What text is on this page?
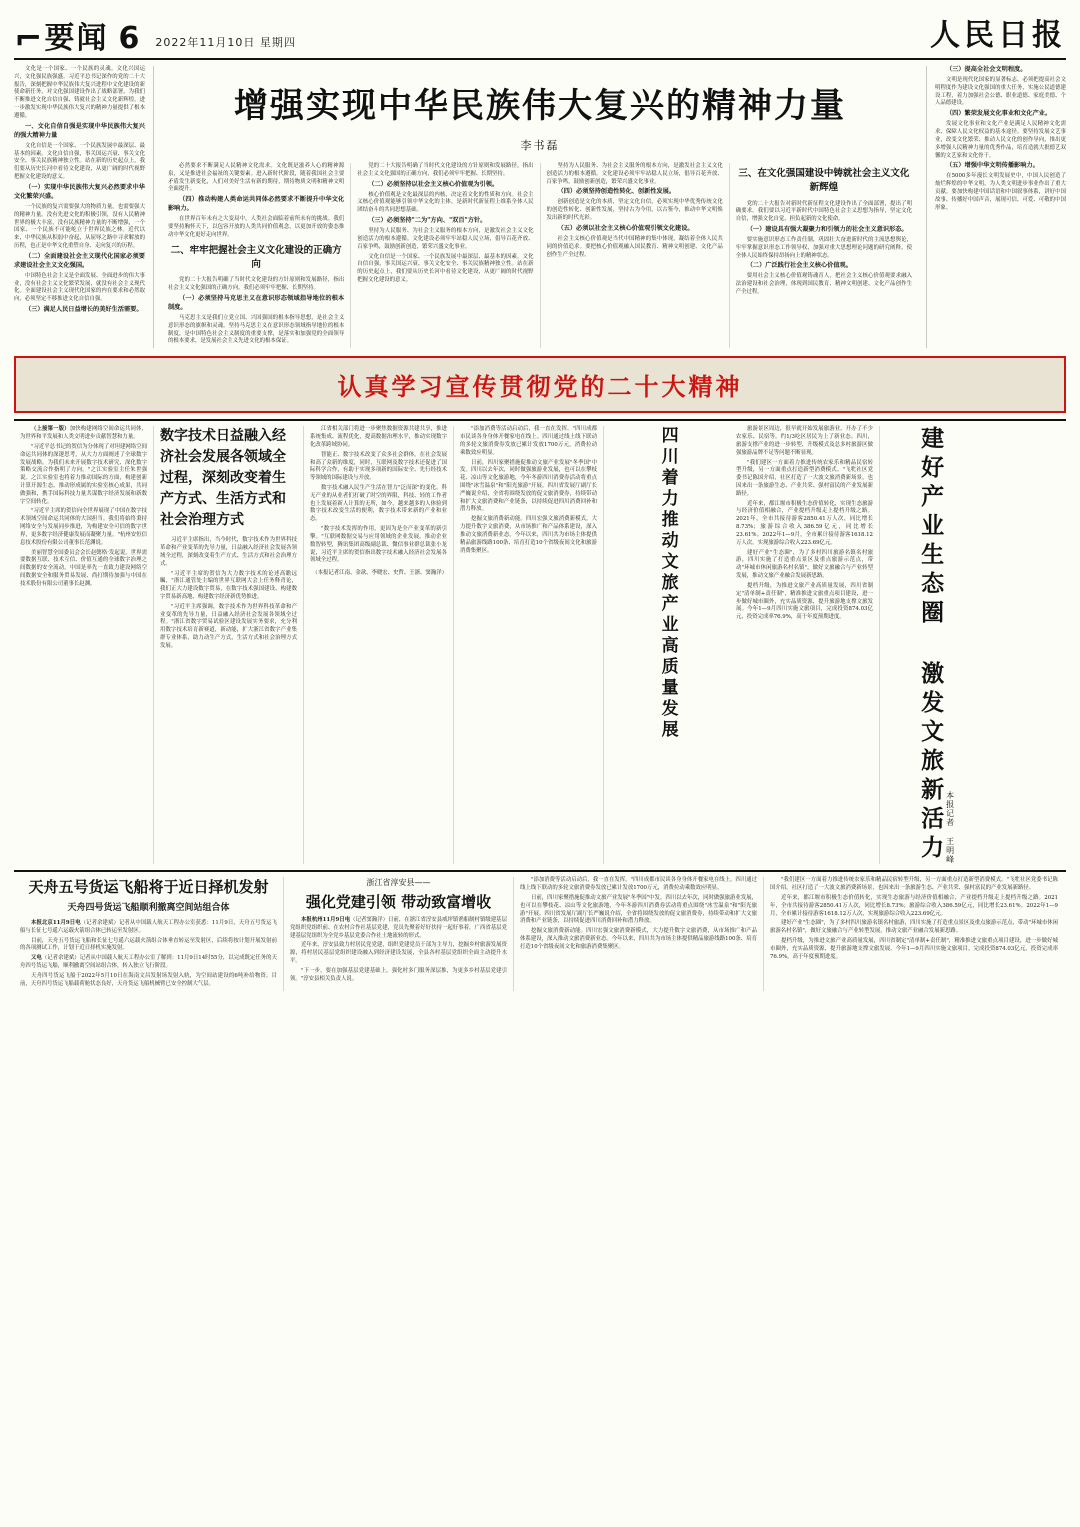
⌐ 要闻 6 2022年11月10日 星期四	人民日报

文化是一个国家、一个民族的灵魂。文化兴国运兴，文化强民族强盛。习近平总书记深作的党的二十大报告，深刻把握中华民族伟大复兴进程中文化建设的新使命新任务，对文化强国建设作出了战略部署，为我们不断推进文化自信自强、铸就社会主义文化新辉煌，进一步激发实现中华民族伟大复兴的精神力量提供了根本遵循。

一、文化自信自强是实现中华民族伟大复兴的强大精神力量

文化自信是一个国家、一个民族发展中最深层、最基本的因素。文化自信自强，事关国运兴衰、事关文化安全、事关民族精神独立性。站在新的历史起点上，我们要从历史长河中看待文化建设，从更广阔的时代视野把握文化建设的意义。

（一）实现中华民族伟大复兴必然要求中华文化繁荣兴盛。

一个民族的复兴需要强大的物质力量，也需要强大的精神力量。没有先进文化的积极引领，没有人民精神世界的极大丰富，没有民族精神力量的不断增强，一个国家、一个民族不可能屹立于世界民族之林。近代以来，中华民族从积弱中奋起，从屈辱之路中寻求解放的历程，也正是中华文化重塑自身、走向复兴的历程。

（二）全面建设社会主义现代化国家必须要求建设社会主义文化强国。

中国特色社会主义是全面发展、全面进步的伟大事业，没有社会主义文化繁荣发展，就没有社会主义现代化。全面建设社会主义现代化国家的内在要求和必然取向，必须坚定不移推进文化自信自强。

（三）满足人民日益增长的美好生活需要。

增强实现中华民族伟大复兴的精神力量
李书磊

必然要求不断满足人民精神文化需求。文化既是滋养人心的精神源泉，又是推进社会福祉的关键要素。进入新时代阶段，随着我国社会主要矛盾发生新变化，人们对美好生活有新的期待，期待物质文明和精神文明全面提升。

（四）推动构建人类命运共同体必然要求不断提升中华文化影响力。

在世界百年未有之大变局中，人类社会面临着前所未有的挑战。我们要坚持胸怀天下，以包容开放的人类共同价值观念，以更加开放的姿态推动中华文化更好走向世界。

二、牢牢把握社会主义文化建设的正确方向

党的二十大报告明确了当时代文化建设的方针原则和发展路径，指出社会主义文化强国的正确方向，我们必须牢牢把握、长期坚持。

（一）必须坚持马克思主义在意识形态领域指导地位的根本制度。

马克思主义是我们立党立国、兴国强国的根本指导思想，是社会主义意识形态的旗帜和灵魂。坚持马克思主义在意识形态领域指导地位的根本制度，是中国特色社会主义制度的重要支撑，是落实和加强党的全面领导的根本要求，是发展社会主义先进文化的根本保证。

党的二十大报告明确了当时代文化建设的方针原则和发展路径，指出社会主义文化强国的正确方向，我们必须牢牢把握、长期坚持。

（二）必须坚持以社会主义核心价值观为引领。

核心价值观是文化最深层的内核，决定着文化的性质和方向。社会主义核心价值观能够引领中华文化的主体，是新时代新征程上维系全体人民团结奋斗的共同思想基础。

（三）必须坚持"二为"方向、"双百"方针。

坚持为人民服务、为社会主义服务的根本方向，是激发社会主义文化创造活力的根本遵循。文化建设必须牢牢站稳人民立场，倡导百花齐放、百家争鸣，鼓励创新创造，繁荣兴盛文化事业。

文化自信是一个国家、一个民族发展中最深层、最基本的因素。文化自信自强，事关国运兴衰、事关文化安全、事关民族精神独立性。站在新的历史起点上，我们要从历史长河中看待文化建设，从更广阔的时代视野把握文化建设的意义。

坚持为人民服务、为社会主义服务的根本方向，是激发社会主义文化创造活力的根本遵循。文化建设必须牢牢站稳人民立场，倡导百花齐放、百家争鸣，鼓励创新创造，繁荣兴盛文化事业。

（四）必须坚持创造性转化、创新性发展。

创新创造是文化的本质，坚定文化自信，必须实现中华优秀传统文化的创造性转化、创新性发展，坚持古为今用，以古鉴今，推动中华文明焕发出新的时代光彩。

（五）必须以社会主义核心价值观引领文化建设。

社会主义核心价值观是当代中国精神的集中体现，凝结着全体人民共同的价值追求。要把核心价值观融入国民教育、精神文明创建、文化产品创作生产全过程。

三、在文化强国建设中铸就社会主义文化新辉煌

党的二十大报告对新时代新征程文化建设作出了全面部署，提出了明确要求。我们要以习近平新时代中国特色社会主义思想为指导，坚定文化自信，增强文化自觉，担负起新的文化使命。

（一）建设具有强大凝聚力和引领力的社会主义意识形态。

要实施意识形态工作责任制，巩固壮大奋进新时代的主流思想舆论，牢牢掌握意识形态工作领导权，加强对重大思想理论问题的研究阐释，使全体人民始终保持昂扬向上的精神状态。

（二）广泛践行社会主义核心价值观。

要用社会主义核心价值观铸魂育人，把社会主义核心价值观要求融入法治建设和社会治理，体现到国民教育、精神文明创建、文化产品创作生产全过程。

（三）提高全社会文明程度。

文明是现代化国家的显著标志。必须把提高社会文明程度作为建设文化强国的重大任务，实施公民道德建设工程，着力加强社会公德、职业道德、家庭美德、个人品德建设。

（四）繁荣发展文化事业和文化产业。

发展文化事业和文化产业是满足人民精神文化需求、保障人民文化权益的基本途径。要坚持发展文艺事业，改变文化繁荣、推动人民文化的创作导向，推出更多增强人民精神力量的优秀作品，培育造就大批德艺双馨的文艺家和文化骨干。

（五）增强中华文明传播影响力。

在5000多年漫长文明发展史中，中国人民创造了灿烂辉煌的中华文明，为人类文明进步事业作出了重大贡献。要加快构建中国话语和中国叙事体系，讲好中国故事、传播好中国声音，展现可信、可爱、可敬的中国形象。

认真学习宣传贯彻党的二十大精神

（上接第一版）加快构建网络空间命运共同体，为世界和平发展和人类文明进步贡献智慧和力量。

"习近平总书记的贺信为分体现了对坦建网络空间命运共同体的深邃思考，从大力方面阐述了全球数字发展战略，为我们未来开展数字技术研究、深化数字策略交流合作指明了方向。"之江实验室主任朱世强说。之江实验室也将着力推动国际的方面，构建创新计算开源生态，推动形成属的实验室核心成果，共同做强和，携手国际科技力量共谋数字经济发展和新数字空间转化。

"习近平主席的贺信向全世界展现了中国在数字技术领域空间命运共同体的大国担当。我们将始终秉持网络安全与发展同步推进，为构建安全可信的数字世界，更多数字经济健康发展而凝聚力量。"杭州安恒信息技术股份有限公司董事长范渊说。

美丽智慧全国委员会会长赵懿格·发起说，世界需要数据互联、技术互信、价值互通的全球数字治理之间数据的安全流动。中国是率先一直致力建设网络空间数据安全和服务贸易发展、尚打期待加强与中国在技术股份有限公司董事长赵渊。

数字技术日益融入经济社会发展各领域全过程，深刻改变着生产方式、生活方式和社会治理方式

习近平主席指出，当今时代，数字技术作为世界科技革命和产业变革的先导力量，日益融入经济社会发展各领域全过程，深刻改变着生产方式、生活方式和社会治理方式。

"习近平主席的贺信为大力数字技术的论述高瞻远瞩，"浙江通管处主编的世界互联网大会上任务释青论，我们正大力建设数字贸易，在数字技术强国建设、构建数字贸易新高地、构建数字经济新优势推进。

"习近平主席强调，数字技术作为世界科技革命和产业变革的先导力量，日益融入经济社会发展各领域全过程。"浙江省数字贸易试验区建设发展实务要求，充分利用数字技术培育新赛道，新动能，扩大浙江省数字产业集群专业体系，助力动生产方式，生活方式和社会治理方式发展。

江省相关部门将进一步聚焦数据资源共建共享，推进系统集成、流程优化，提高数据治理水平，推动实现数字化改革跨域协同。

智能正、数字技术改变了众多社会群体，在社会发展和高了众新的维度，同时，互联网及数字技术还促进了国际科学合作，有助于实现多项新的国际安全、先行经技术等领域的国际建设与开放。

数字技术融入民生产生活在智力"泛而深"的变化。科无产业的从业者们打破了时空的界限，科技、轻的工作者也上发展着新人计算的无所，如今，越来越多的人体验到数字技术改变生活的便利，数字技术带来新的产业和业态。

"数字技术发挥的作用，更因为是全产业变革的新引擎。"互联网数据交易与应用领域的企业发展，推动企业数智转型，腾讯集团高级副总裁、微信事业群总裁张小龙说，习近平主席的贺信指出数字技术融入经济社会发展各领域全过程。

（本报记者江南、金歆、李晓宏、史哲、王浙、窦瀚洋）

"添加消费等活动启动后，我一直在发挥。"四川成都市民谈各身身体开餐家电在线上。四川通过线上线下联动的多轮文旅消费券发放已累计发放1700万元，消费拉动乘数效应明显。

日前，四川家聚措施促推动文旅产业发展"冬季国"中发。四川以去年次，同时做强旅游业发展，也可以在攀枝花、凉山等文化旅游地，今年冬游四川消费券活动将重点围绕"冰雪温泉"和"阳光旅游"开展。四川省发展厅副厅长严巍说介绍，全省将围绕发放的促文旅消费券，持续带动和扩大文旅消费和产业链条，以持续促进四川消费回补和潜力释放。

挖掘文旅消费新动能。四川宏强文旅消费新模式，大力提升数字文旅消费，从市场推广和产品体系建设，深入推动文旅消费新业态。今年以来，四川共为市场主体提供精品旅游线路100条、培育打造10个省级夜间文化和旅游消费集聚区。	四川着力推动文旅产业高质量发展	旅游景区周边，很早就开始发展旅游业，开办了不少农家乐、民宿等。约1/3吃区居民为上了新业态。四川，旅游支撑产业的进一步转型、升级模式及总多村旅游区做强旅游品牌不足等问题不断显现。

"我们建区一方面着力推进传统农家乐和精品民宿转型升级，另一方面重点打造新型消费模式。"飞牝社区党委书记陈国介绍，社区打造了一大波文旅消费新场景，也因来出一条旅游生态、产业共荣、强村富民的产业发展新路径。

近年来，都江堰市积极生态价值转化，实现生态旅游与经济价值相融合，产业提档升级走上提档升级之路。2021年，全市共接待游客2850.41万人次，同比增长8.73%；旅游综合收入386.59亿元，同比增长23.61%。2022年1—9月，全市累计接待游客1618.12万人次，实现旅游综合收入223.69亿元。

建好产业"生态圈"，为了多村四川旅游名镇名村旅游，四川实施了打造重点景区及重点旅游示范点，带动"环城市休闲旅游名村名镇"，做好文旅融合与产业转型发展，推动文旅产业融合发展新思路。

提档升级，为推进文旅产业高质量发展，四川省制定"清单制+责任制"，精准推进文旅重点项目建设，进一步做好城市圈外，充实品质资源，提升旅游地支撑文旅发展。今年1—9月四川实施文旅项目，完成投资874.03亿元，投资完成率76.9%，高于年度预期进度。	建好产业生态圈 激发文旅新活力 本报记者 王明峰
天舟五号货运飞船将于近日择机发射
天舟四号货运飞船顺利撤离空间站组合体

本报北京11月9日电（记者余建斌）记者从中国载人航天工程办公室获悉：11月9日，天舟五号货运飞船与长征七号遥六运载火箭组合体已转运至发射区。

目前，天舟五号货运飞船和长征七号遥六运载火箭组合体垂直转运至发射区，后续将按计划开展发射前的各项测试工作，计划于近日择机实施发射。

又电（记者余建斌）记者从中国载人航天工程办公室了解到：11月9日14时55分，以完成既定任务的天舟四号货运飞船，顺利撤离空间站组合体，转入独立飞行阶段。

天舟四号货运飞船于2022年5月10日在海南文昌发射场发射入轨，为空间站建设的6吨补给物资。目前，天舟四号货运飞船载荷舱状态良好，天舟货运飞船机械臂已安全控制大气层。

浙江省淳安县——
强化党建引领 带动致富增收

本报杭州11月9日电（记者窦瀚洋）日前，在浙江省淳安县威坪镇渔船制村镇级建基层党组织党组织前、在农村合作社基层党建，党员先聚着好好扶持一起好事着，广西省基层党建基层党组织为全党乡基层党委合作社土地流转的形式。

近年来，淳安县致力村居民党党建，组织党建党员干部为主导力，挖掘乡村旅游发展资源，将村居民基层党组织建设融入到经济建设发展，全县各村基层党组织全面主动提升水平。

"下一步，要在加强基层党建基础上，强化村多门服务深层推，为更多乡村基层党建引领。"淳安县相关负责人说。

"添加消费等活动启动后，我一直在发挥。"四川成都市民谈各身身体开餐家电在线上。四川通过线上线下联动的多轮文旅消费券发放已累计发放1700万元，消费拉动乘数效应明显。

日前，四川家聚措施促推动文旅产业发展"冬季国"中发。四川以去年次，同时做强旅游业发展，也可以在攀枝花、凉山等文化旅游地，今年冬游四川消费券活动将重点围绕"冰雪温泉"和"阳光旅游"开展。四川省发展厅副厅长严巍说介绍，全省将围绕发放的促文旅消费券，持续带动和扩大文旅消费和产业链条，以持续促进四川消费回补和潜力释放。

挖掘文旅消费新动能。四川宏强文旅消费新模式，大力提升数字文旅消费，从市场推广和产品体系建设，深入推动文旅消费新业态。今年以来，四川共为市场主体提供精品旅游线路100条、培育打造10个省级夜间文化和旅游消费集聚区。

"我们建区一方面着力推进传统农家乐和精品民宿转型升级，另一方面重点打造新型消费模式。"飞牝社区党委书记陈国介绍，社区打造了一大波文旅消费新场景，也因来出一条旅游生态、产业共荣、强村富民的产业发展新路径。

近年来，都江堰市积极生态价值转化，实现生态旅游与经济价值相融合，产业提档升级走上提档升级之路。2021年，全市共接待游客2850.41万人次，同比增长8.73%；旅游综合收入386.59亿元，同比增长23.61%。2022年1—9月，全市累计接待游客1618.12万人次，实现旅游综合收入223.69亿元。

建好产业"生态圈"，为了多村四川旅游名镇名村旅游，四川实施了打造重点景区及重点旅游示范点，带动"环城市休闲旅游名村名镇"，做好文旅融合与产业转型发展，推动文旅产业融合发展新思路。

提档升级，为推进文旅产业高质量发展，四川省制定"清单制+责任制"，精准推进文旅重点项目建设，进一步做好城市圈外，充实品质资源，提升旅游地支撑文旅发展。今年1—9月四川实施文旅项目，完成投资874.03亿元，投资完成率76.9%，高于年度预期进度。
